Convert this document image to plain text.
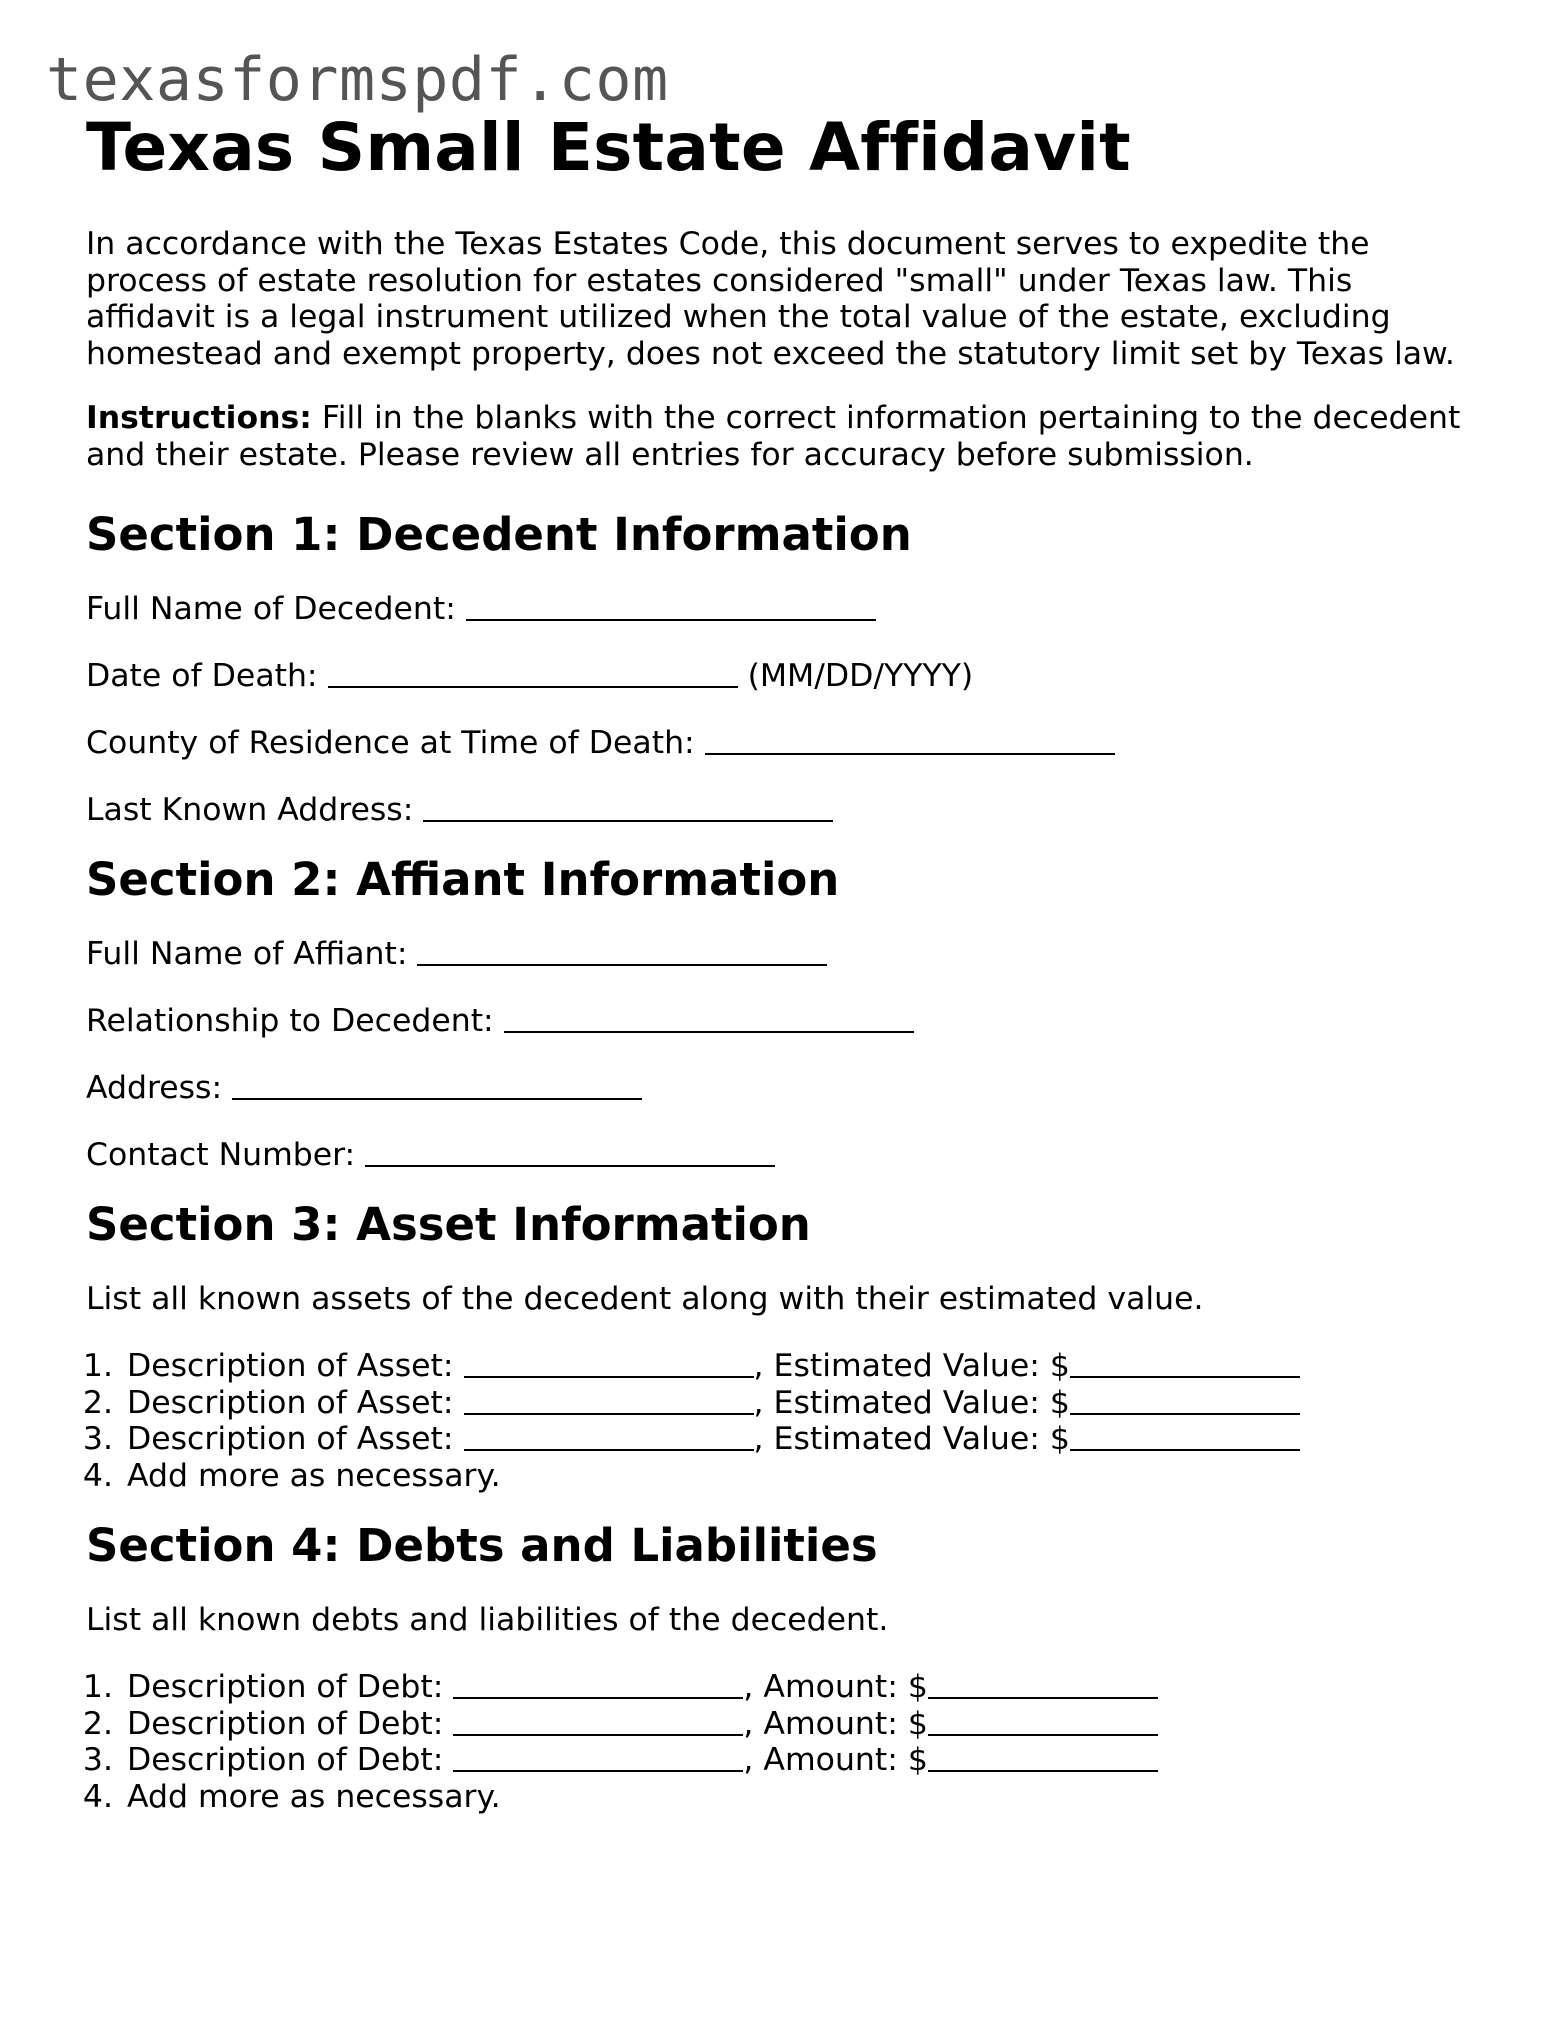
texasformspdf.com
Texas Small Estate Affidavit

In accordance with the Texas Estates Code, this document serves to expedite the process of estate resolution for estates considered "small" under Texas law. This affidavit is a legal instrument utilized when the total value of the estate, excluding homestead and exempt property, does not exceed the statutory limit set by Texas law.

Instructions: Fill in the blanks with the correct information pertaining to the decedent and their estate. Please review all entries for accuracy before submission.

Section 1: Decedent Information

Full Name of Decedent:

Date of Death:	(MM/DD/YYYY)

County of Residence at Time of Death:

Last Known Address:

Section 2: Affiant Information

Full Name of Affiant:

Relationship to Decedent:

Address:

Contact Number:

Section 3: Asset Information

List all known assets of the decedent along with their estimated value.

1. Description of Asset:	, Estimated Value: $
2. Description of Asset:	, Estimated Value: $
3. Description of Asset:	, Estimated Value: $
4. Add more as necessary.
Section 4: Debts and Liabilities

List all known debts and liabilities of the decedent.

1. Description of Debt:	, Amount: $
2. Description of Debt:	, Amount: $
3. Description of Debt:	, Amount: $
4. Add more as necessary.
